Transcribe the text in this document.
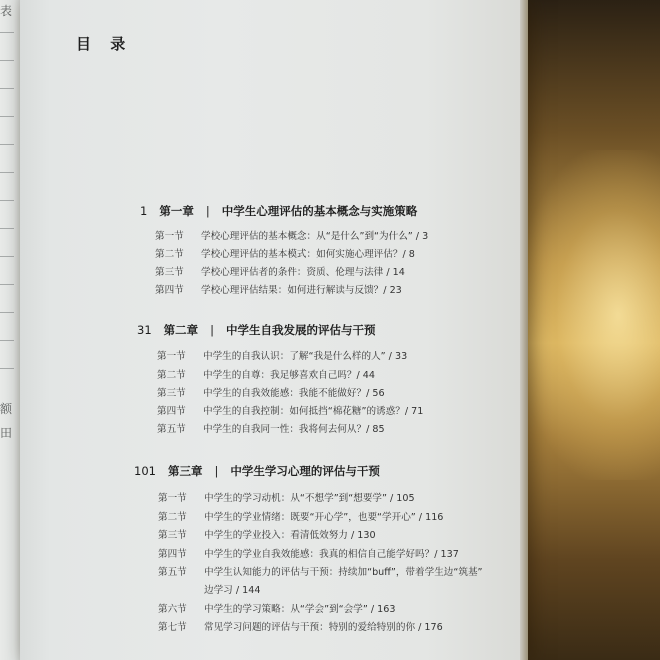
表
额
田
目 录
1 第一章 | 中学生心理评估的基本概念与实施策略
第一节 学校心理评估的基本概念：从“是什么”到“为什么” / 3
第二节 学校心理评估的基本模式：如何实施心理评估？/ 8
第三节 学校心理评估者的条件：资质、伦理与法律 / 14
第四节 学校心理评估结果：如何进行解读与反馈？/ 23
31 第二章 | 中学生自我发展的评估与干预
第一节 中学生的自我认识：了解“我是什么样的人” / 33
第二节 中学生的自尊：我足够喜欢自己吗？/ 44
第三节 中学生的自我效能感：我能不能做好？/ 56
第四节 中学生的自我控制：如何抵挡“棉花糖”的诱惑？/ 71
第五节 中学生的自我同一性：我将何去何从？/ 85
101 第三章 | 中学生学习心理的评估与干预
第一节 中学生的学习动机：从“不想学”到“想要学” / 105
第二节 中学生的学业情绪：既要“开心学”，也要“学开心” / 116
第三节 中学生的学业投入：看清低效努力 / 130
第四节 中学生的学业自我效能感：我真的相信自己能学好吗？/ 137
第五节 中学生认知能力的评估与干预：持续加“buff”，带着学生边“筑基”
边学习 / 144
第六节 中学生的学习策略：从“学会”到“会学” / 163
第七节 常见学习问题的评估与干预：特别的爱给特别的你 / 176
